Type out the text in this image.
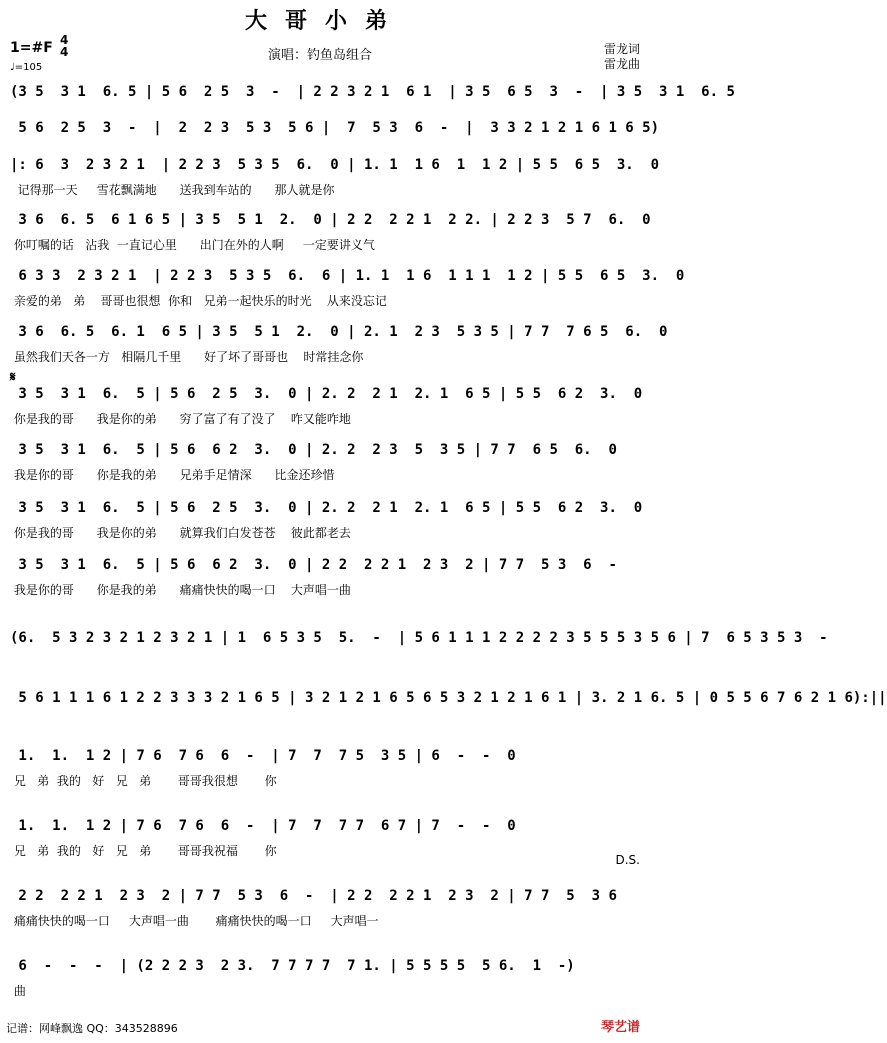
大哥小弟
1=#F 4
4
♩=105
演唱：钓鱼岛组合	雷龙词
雷龙曲
(3 5  3 1  6. 5 | 5 6  2 5  3  -  | 2 2 3 2 1  6 1  | 3 5  6 5  3  -  | 3 5  3 1  6. 5
5 6  2 5  3  -  |  2  2 3  5 3  5 6 |  7  5 3  6  -  |  3 3 2 1 2 1 6 1 6 5)
|: 6  3  2 3 2 1  | 2 2 3  5 3 5  6.  0 | 1. 1  1 6  1  1 2 | 5 5  6 5  3.  0
记得那一天     雪花飘满地      送我到车站的      那人就是你
3 6  6. 5  6 1 6 5 | 3 5  5 1  2.  0 | 2 2  2 2 1  2 2. | 2 2 3  5 7  6.  0
你叮嘱的话   沾我  一直记心里      出门在外的人啊     一定要讲义气
6 3 3  2 3 2 1  | 2 2 3  5 3 5  6.  6 | 1. 1  1 6  1 1 1  1 2 | 5 5  6 5  3.  0
亲爱的弟   弟    哥哥也很想  你和   兄弟一起快乐的时光    从来没忘记
3 6  6. 5  6. 1  6 5 | 3 5  5 1  2.  0 | 2. 1  2 3  5 3 5 | 7 7  7 6 5  6.  0
虽然我们天各一方   相隔几千里      好了坏了哥哥也    时常挂念你
3 5  3 1  6.  5 | 5 6  2 5  3.  0 | 2. 2  2 1  2. 1  6 5 | 5 5  6 2  3.  0
你是我的哥      我是你的弟      穷了富了有了没了    咋又能咋地
3 5  3 1  6.  5 | 5 6  6 2  3.  0 | 2. 2  2 3  5  3 5 | 7 7  6 5  6.  0
我是你的哥      你是我的弟      兄弟手足情深      比金还珍惜
3 5  3 1  6.  5 | 5 6  2 5  3.  0 | 2. 2  2 1  2. 1  6 5 | 5 5  6 2  3.  0
你是我的哥      我是你的弟      就算我们白发苍苍    彼此都老去
3 5  3 1  6.  5 | 5 6  6 2  3.  0 | 2 2  2 2 1  2 3  2 | 7 7  5 3  6  -
我是你的哥      你是我的弟      痛痛快快的喝一口    大声唱一曲
(6.  5 3 2 3 2 1 2 3 2 1 | 1  6 5 3 5  5.  -  | 5 6 1 1 1 2 2 2 2 3 5 5 5 3 5 6 | 7  6 5 3 5 3  -
5 6 1 1 1 6 1 2 2 3 3 3 2 1 6 5 | 3 2 1 2 1 6 5 6 5 3 2 1 2 1 6 1 | 3. 2 1 6. 5 | 0 5 5 6 7 6 2 1 6):||
1.  1.  1 2 | 7 6  7 6  6  -  | 7  7  7 5  3 5 | 6  -  -  0
兄   弟  我的   好   兄   弟       哥哥我很想       你
1.  1.  1 2 | 7 6  7 6  6  -  | 7  7  7 7  6 7 | 7  -  -  0
兄   弟  我的   好   兄   弟       哥哥我祝福       你
2 2  2 2 1  2 3  2 | 7 7  5 3  6  -  | 2 2  2 2 1  2 3  2 | 7 7  5  3 6
痛痛快快的喝一口     大声唱一曲       痛痛快快的喝一口     大声唱一
6  -  -  -  | (2 2 2 3  2 3.  7 7 7 7  7 1. | 5 5 5 5  5 6.  1  -)
曲
𝄋
D.S.
记谱：网峰飘逸 QQ：343528896	琴艺谱
